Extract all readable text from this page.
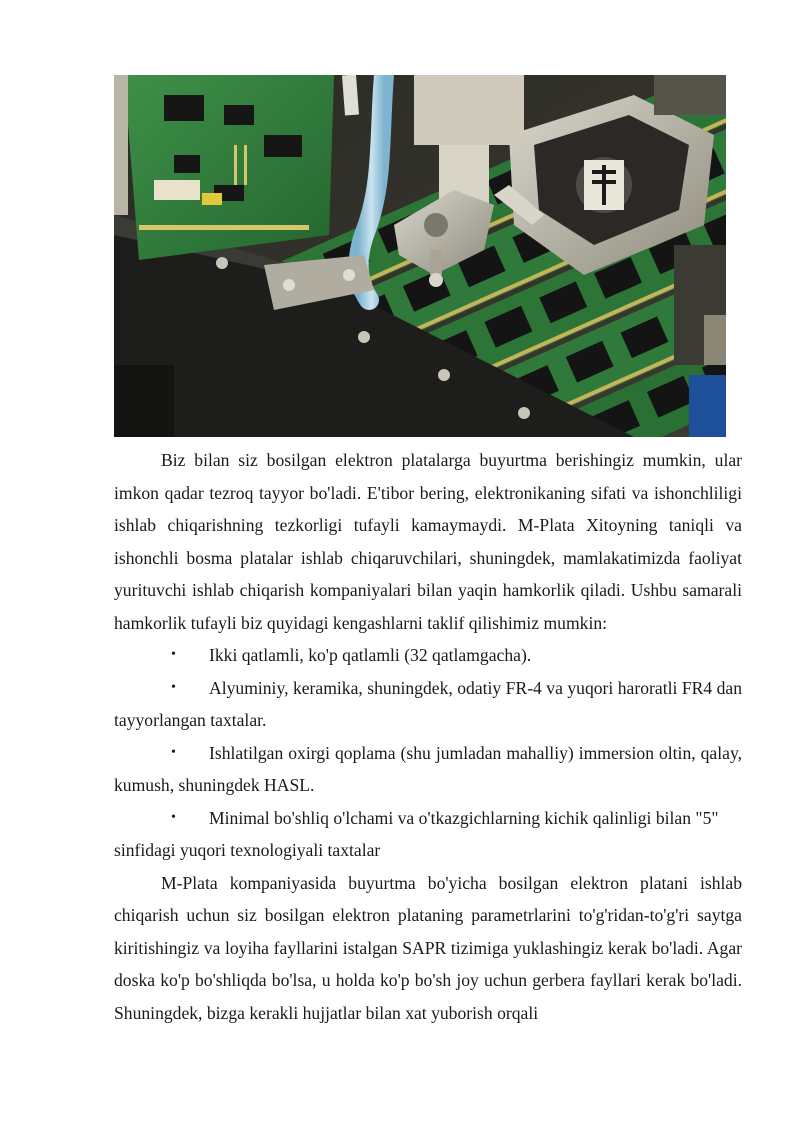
Biz bilan siz bosilgan elektron platalarga buyurtma berishingiz mumkin, ular imkon qadar tezroq tayyor bo'ladi. E'tibor bering, elektronikaning sifati va ishonchliligi ishlab chiqarishning tezkorligi tufayli kamaymaydi. M-Plata Xitoyning taniqli va ishonchli bosma platalar ishlab chiqaruvchilari, shuningdek, mamlakatimizda faoliyat yurituvchi ishlab chiqarish kompaniyalari bilan yaqin hamkorlik qiladi. Ushbu samarali hamkorlik tufayli biz quyidagi kengashlarni taklif qilishimiz mumkin:

• Ikki qatlamli, ko'p qatlamli (32 qatlamgacha).

• Alyuminiy, keramika, shuningdek, odatiy FR-4 va yuqori haroratli FR4 dan tayyorlangan taxtalar.

• Ishlatilgan oxirgi qoplama (shu jumladan mahalliy) immersion oltin, qalay, kumush, shuningdek HASL.

• Minimal bo'shliq o'lchami va o'tkazgichlarning kichik qalinligi bilan "5" sinfidagi yuqori texnologiyali taxtalar

M-Plata kompaniyasida buyurtma bo'yicha bosilgan elektron platani ishlab chiqarish uchun siz bosilgan elektron plataning parametrlarini to'g'ridan-to'g'ri saytga kiritishingiz va loyiha fayllarini istalgan SAPR tizimiga yuklashingiz kerak bo'ladi. Agar doska ko'p bo'shliqda bo'lsa, u holda ko'p bo'sh joy uchun gerbera fayllari kerak bo'ladi. Shuningdek, bizga kerakli hujjatlar bilan xat yuborish orqali
